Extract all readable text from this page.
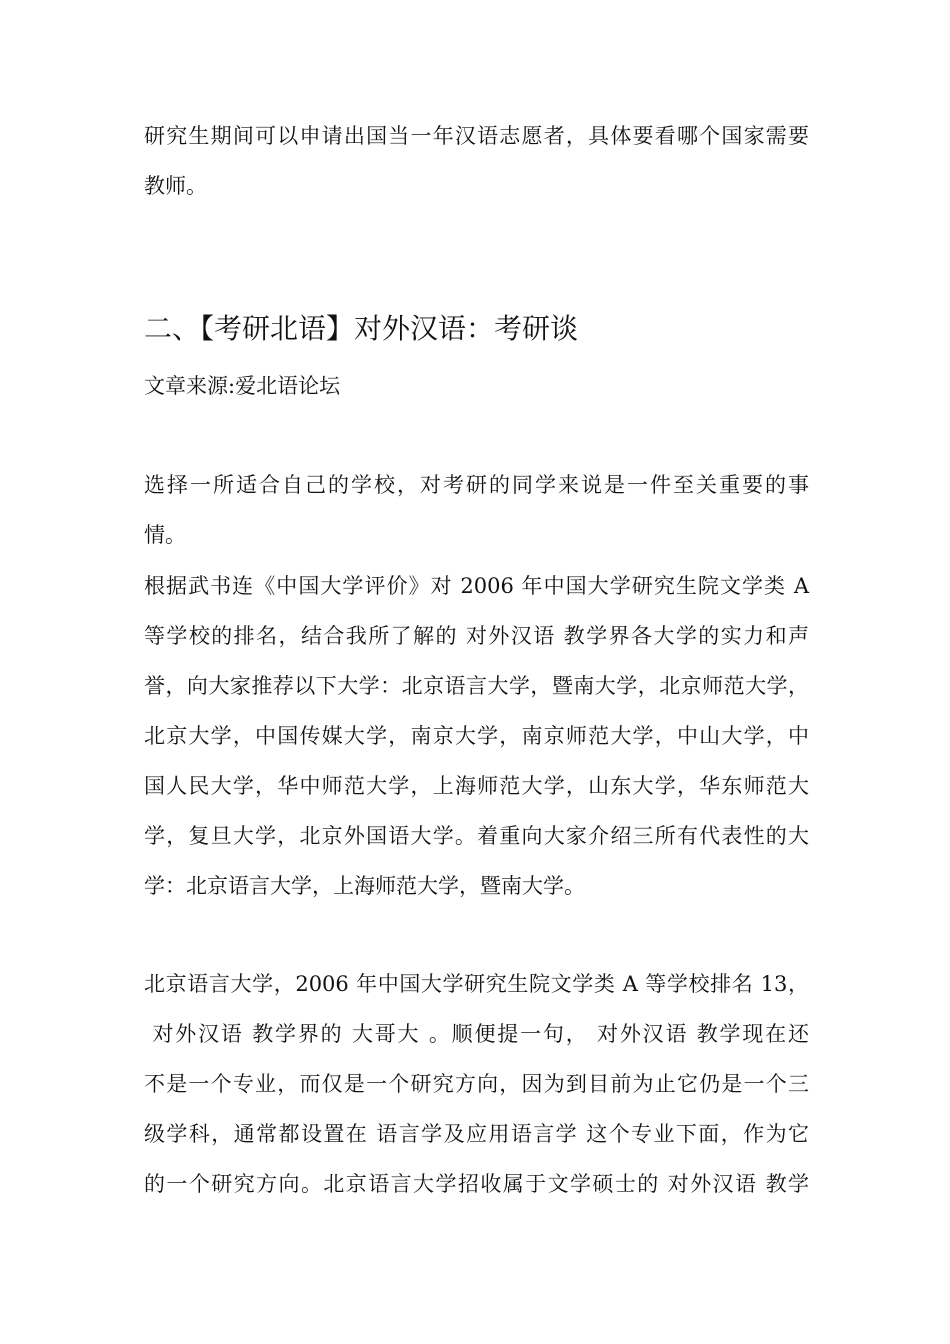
研究生期间可以申请出国当一年汉语志愿者，具体要看哪个国家需要
教师。
二、【考研北语】对外汉语：考研谈
文章来源:爱北语论坛
选择一所适合自己的学校，对考研的同学来说是一件至关重要的事
情。
根据武书连《中国大学评价》对 2006 年中国大学研究生院文学类 A
等学校的排名，结合我所了解的 对外汉语 教学界各大学的实力和声
誉，向大家推荐以下大学：北京语言大学，暨南大学，北京师范大学，
北京大学，中国传媒大学，南京大学，南京师范大学，中山大学，中
国人民大学，华中师范大学，上海师范大学，山东大学，华东师范大
学，复旦大学，北京外国语大学。着重向大家介绍三所有代表性的大
学：北京语言大学，上海师范大学，暨南大学。
北京语言大学，2006 年中国大学研究生院文学类 A 等学校排名 13，
对外汉语 教学界的 大哥大 。顺便提一句， 对外汉语 教学现在还
不是一个专业，而仅是一个研究方向，因为到目前为止它仍是一个三
级学科，通常都设置在 语言学及应用语言学 这个专业下面，作为它
的一个研究方向。北京语言大学招收属于文学硕士的 对外汉语 教学
